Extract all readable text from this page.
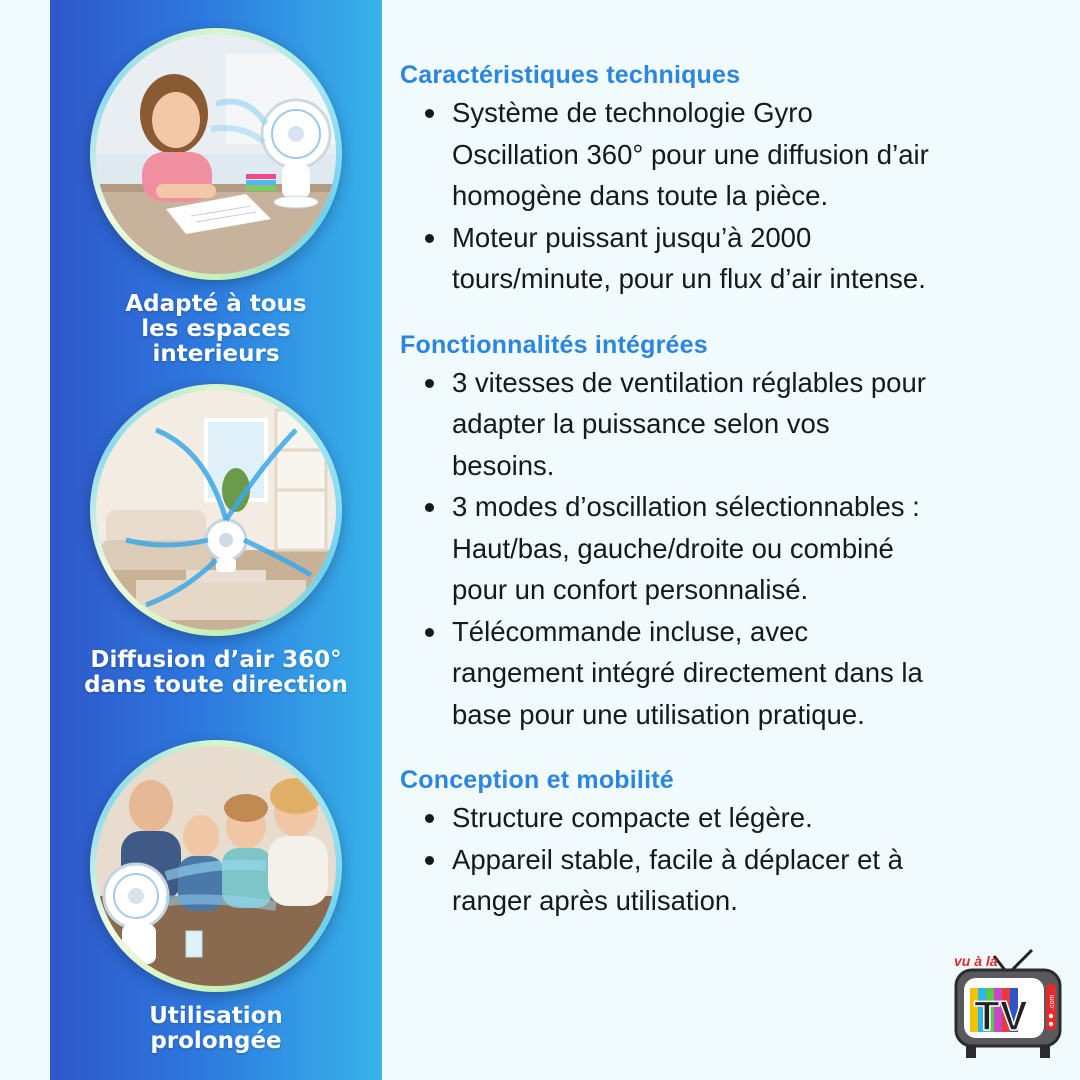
Adapté à tous
les espaces
interieurs
Diffusion d’air 360°
dans toute direction
Utilisation
prolongée
Caractéristiques techniques
Système de technologie Gyro
Oscillation 360° pour une diffusion d’air
homogène dans toute la pièce.
Moteur puissant jusqu’à 2000
tours/minute, pour un flux d’air intense.
Fonctionnalités intégrées
3 vitesses de ventilation réglables pour
adapter la puissance selon vos
besoins.
3 modes d’oscillation sélectionnables :
Haut/bas, gauche/droite ou combiné
pour un confort personnalisé.
Télécommande incluse, avec
rangement intégré directement dans la
base pour une utilisation pratique.
Conception et mobilité
Structure compacte et légère.
Appareil stable, facile à déplacer et à
ranger après utilisation.
vu à la
TV	.com
